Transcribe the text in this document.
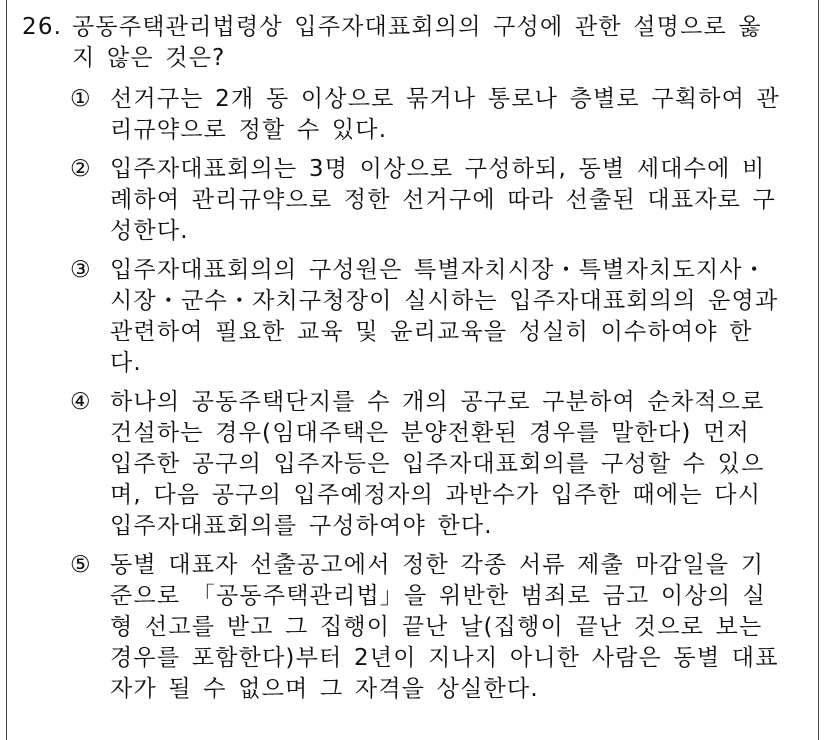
26. 공동주택관리법령상 입주자대표회의의 구성에 관한 설명으로 옳지 않은 것은?
① 선거구는 2개 동 이상으로 묶거나 통로나 층별로 구획하여 관리규약으로 정할 수 있다.
② 입주자대표회의는 3명 이상으로 구성하되, 동별 세대수에 비례하여 관리규약으로 정한 선거구에 따라 선출된 대표자로 구성한다.
③ 입주자대표회의의 구성원은 특별자치시장・특별자치도지사・시장・군수・자치구청장이 실시하는 입주자대표회의의 운영과 관련하여 필요한 교육 및 윤리교육을 성실히 이수하여야 한다.
④ 하나의 공동주택단지를 수 개의 공구로 구분하여 순차적으로 건설하는 경우(임대주택은 분양전환된 경우를 말한다) 먼저 입주한 공구의 입주자등은 입주자대표회의를 구성할 수 있으며, 다음 공구의 입주예정자의 과반수가 입주한 때에는 다시 입주자대표회의를 구성하여야 한다.
⑤ 동별 대표자 선출공고에서 정한 각종 서류 제출 마감일을 기준으로 「공동주택관리법」을 위반한 범죄로 금고 이상의 실형 선고를 받고 그 집행이 끝난 날(집행이 끝난 것으로 보는 경우를 포함한다)부터 2년이 지나지 아니한 사람은 동별 대표자가 될 수 없으며 그 자격을 상실한다.
